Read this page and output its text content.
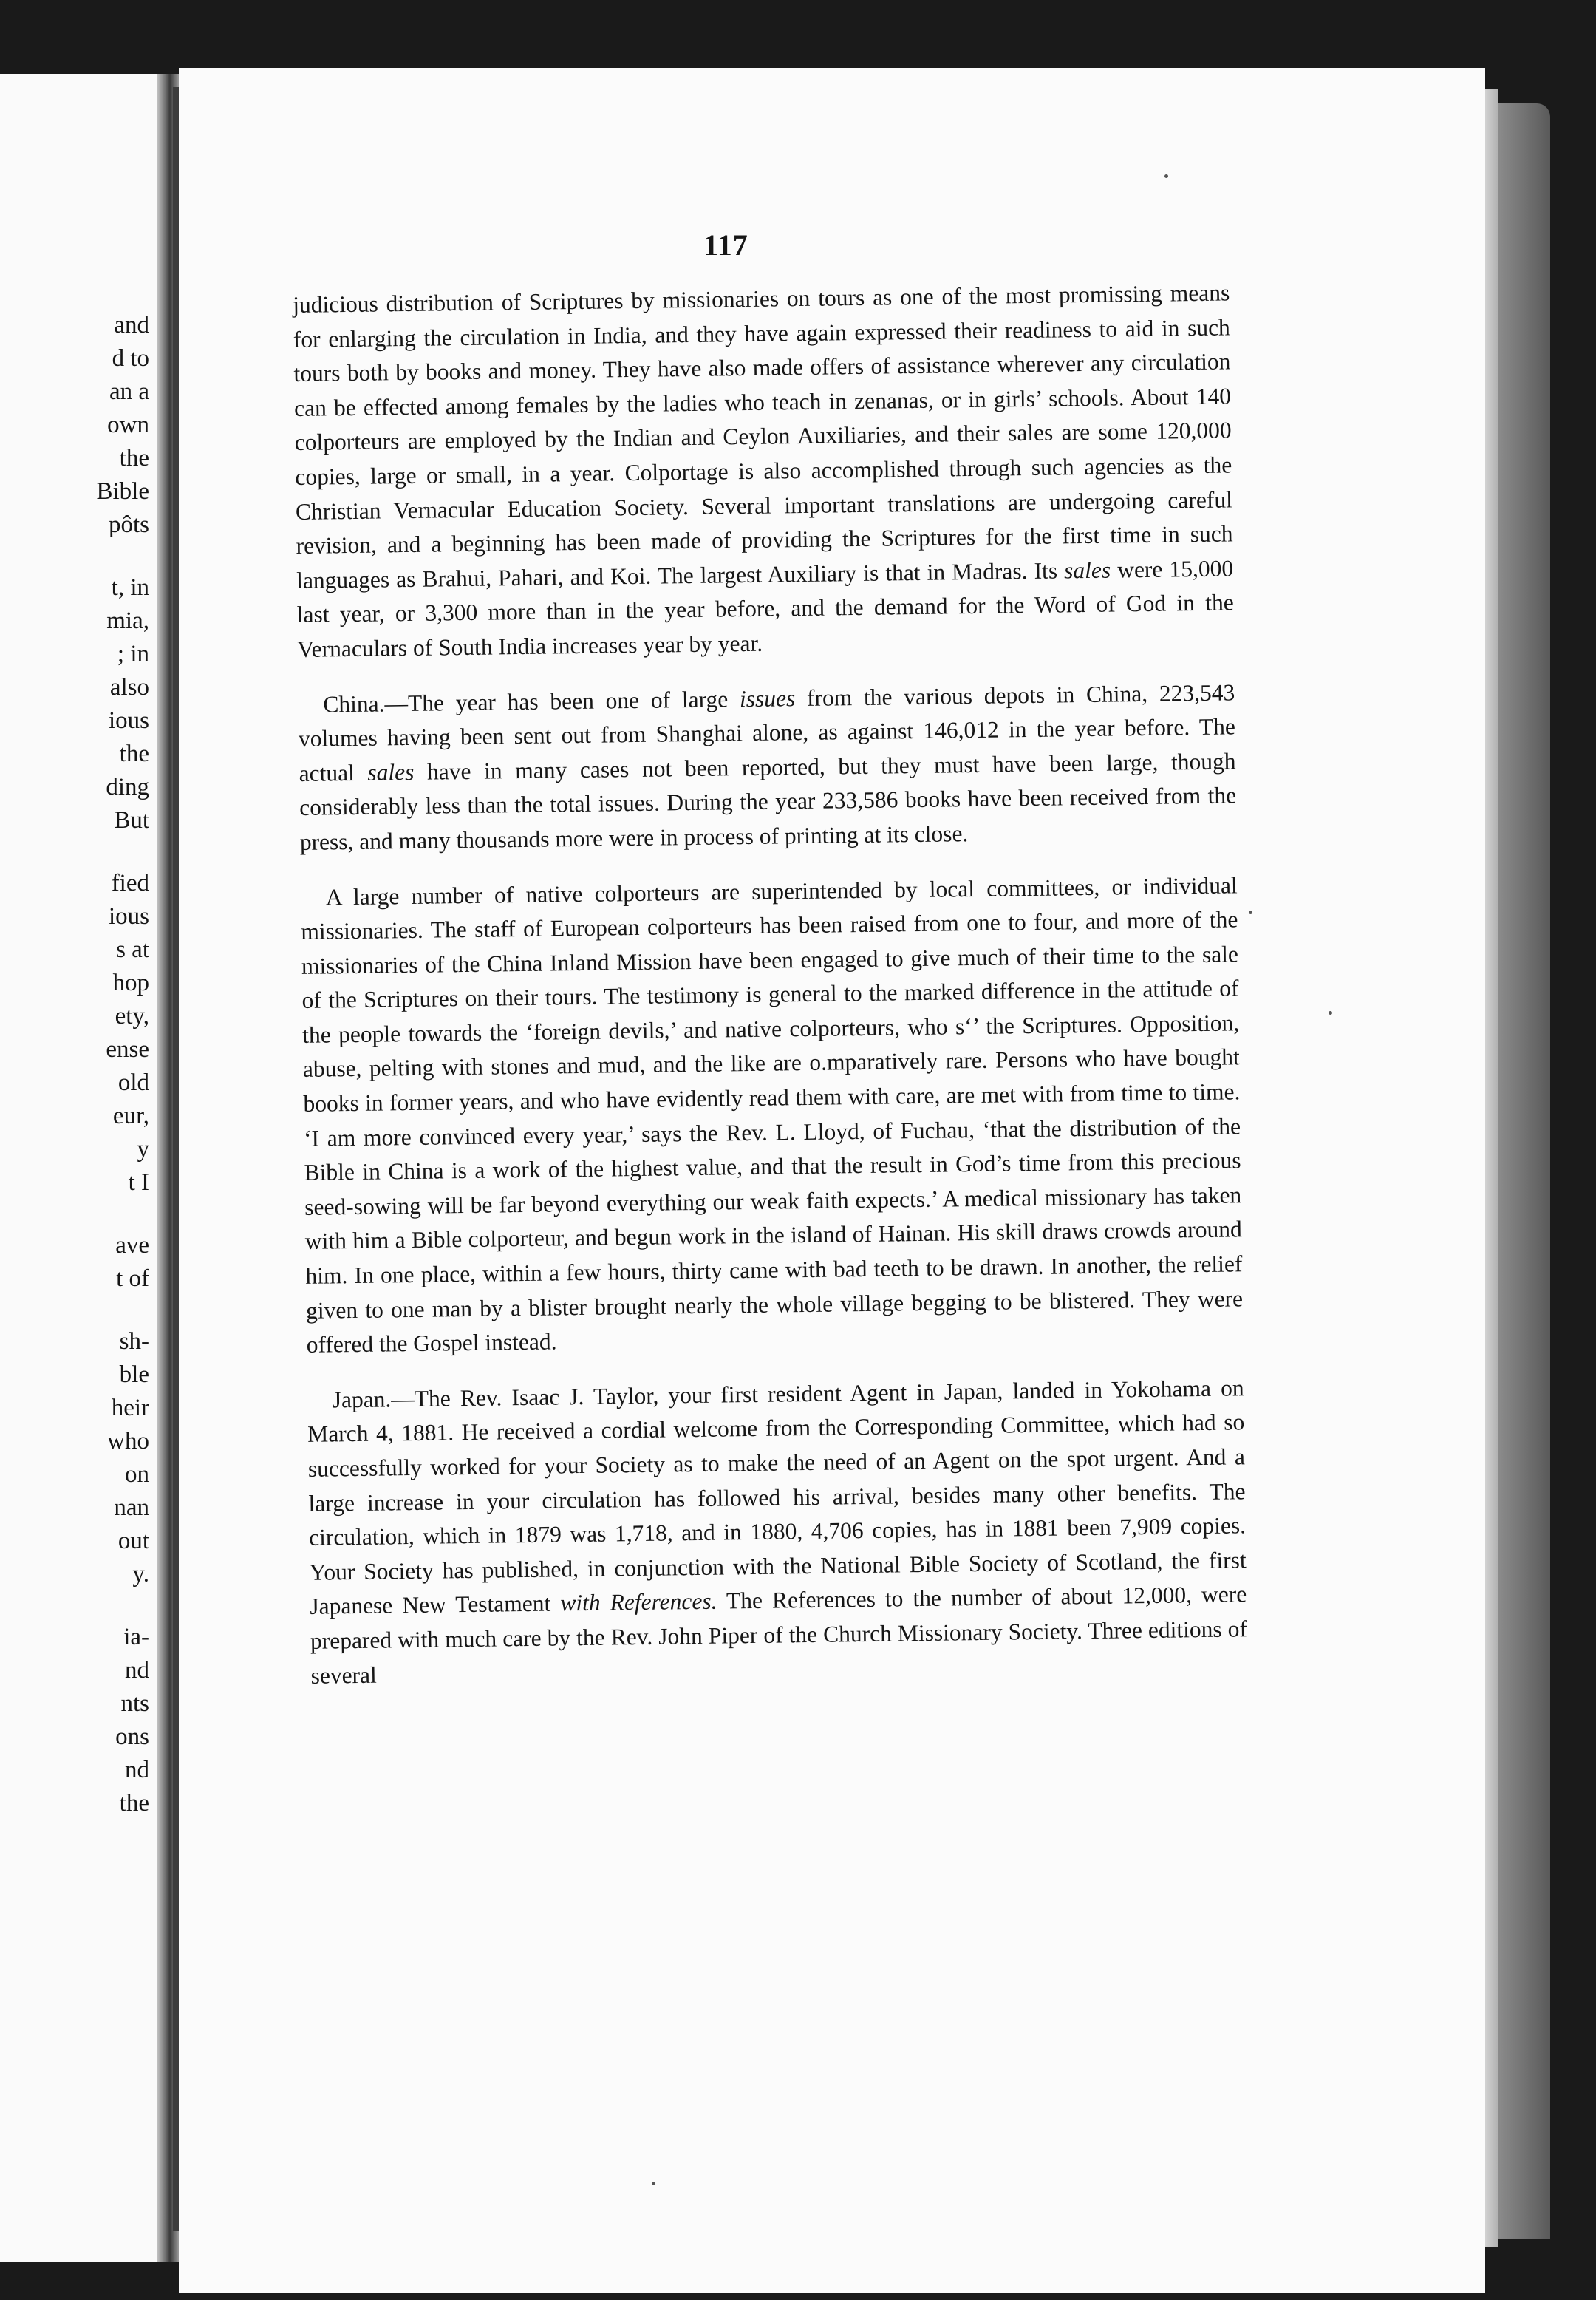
and
d to
an a
own
the
Bible
pôts
t, in
mia,
; in
also
ious
the
ding
But
fied
ious
s at
hop
ety,
ense
old
eur,
y
t I
ave
t of
sh-
ble
heir
who
on
nan
out
y.
ia-
nd
nts
ons
nd
the
117

judicious distribution of Scriptures by missionaries on tours as one of the most promissing means for enlarging the circulation in India, and they have again expressed their readiness to aid in such tours both by books and money. They have also made offers of assistance wherever any circulation can be effected among females by the ladies who teach in zenanas, or in girls’ schools. About 140 colporteurs are employed by the Indian and Ceylon Auxiliaries, and their sales are some 120,000 copies, large or small, in a year. Colportage is also accomplished through such agencies as the Christian Vernacular Education Society. Several important translations are undergoing careful revision, and a beginning has been made of providing the Scriptures for the first time in such languages as Brahui, Pahari, and Koi. The largest Auxiliary is that in Madras. Its sales were 15,000 last year, or 3,300 more than in the year before, and the demand for the Word of God in the Vernaculars of South India increases year by year.

China.—The year has been one of large issues from the various depots in China, 223,543 volumes having been sent out from Shanghai alone, as against 146,012 in the year before. The actual sales have in many cases not been reported, but they must have been large, though considerably less than the total issues. During the year 233,586 books have been received from the press, and many thousands more were in process of printing at its close.

A large number of native colporteurs are superintended by local committees, or individual missionaries. The staff of European colporteurs has been raised from one to four, and more of the missionaries of the China Inland Mission have been engaged to give much of their time to the sale of the Scriptures on their tours. The testimony is general to the marked difference in the attitude of the people towards the ‘foreign devils,’ and native colporteurs, who s‘’ the Scriptures. Opposition, abuse, pelting with stones and mud, and the like are o.mparatively rare. Persons who have bought books in former years, and who have evidently read them with care, are met with from time to time. ‘I am more convinced every year,’ says the Rev. L. Lloyd, of Fuchau, ‘that the distribution of the Bible in China is a work of the highest value, and that the result in God’s time from this precious seed-sowing will be far beyond everything our weak faith expects.’ A medical missionary has taken with him a Bible colporteur, and begun work in the island of Hainan. His skill draws crowds around him. In one place, within a few hours, thirty came with bad teeth to be drawn. In another, the relief given to one man by a blister brought nearly the whole village begging to be blistered. They were offered the Gospel instead.

Japan.—The Rev. Isaac J. Taylor, your first resident Agent in Japan, landed in Yokohama on March 4, 1881. He received a cordial welcome from the Corresponding Committee, which had so successfully worked for your Society as to make the need of an Agent on the spot urgent. And a large increase in your circulation has followed his arrival, besides many other benefits. The circulation, which in 1879 was 1,718, and in 1880, 4,706 copies, has in 1881 been 7,909 copies. Your Society has published, in conjunction with the National Bible Society of Scotland, the first Japanese New Testament with References. The References to the number of about 12,000, were prepared with much care by the Rev. John Piper of the Church Missionary Society. Three editions of several
